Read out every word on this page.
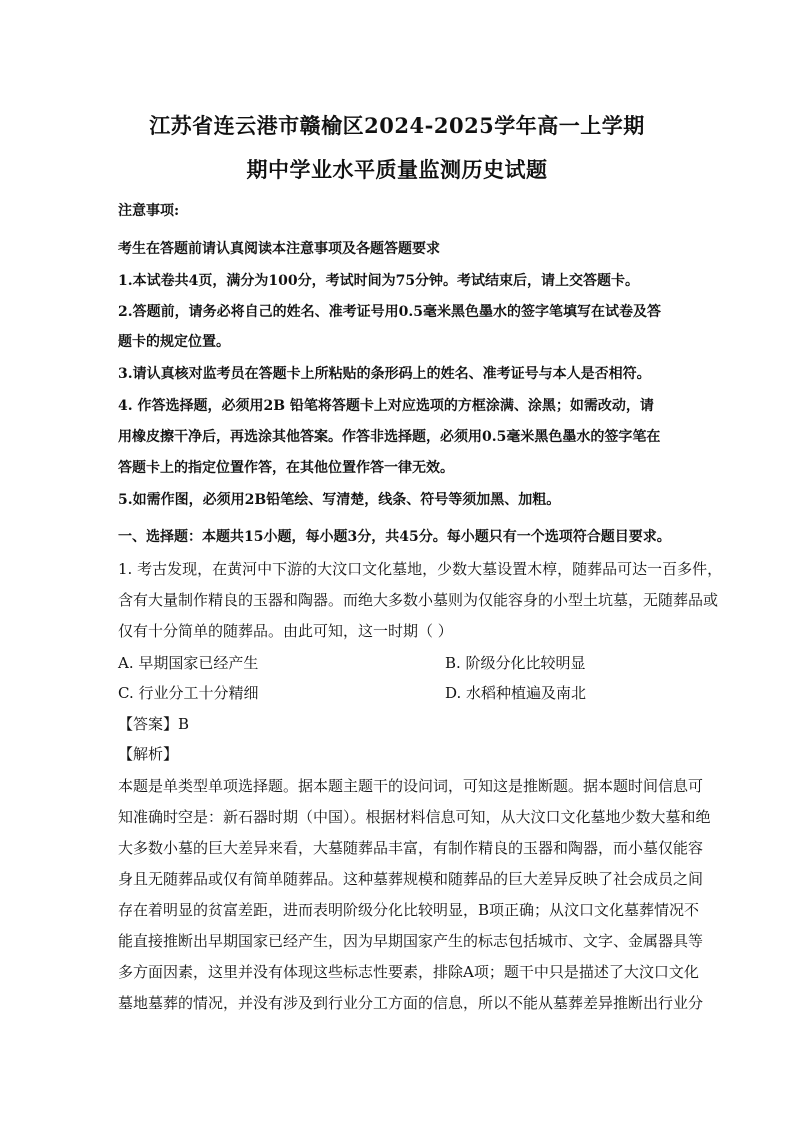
江苏省连云港市赣榆区2024-2025学年高一上学期
期中学业水平质量监测历史试题
注意事项:
考生在答题前请认真阅读本注意事项及各题答题要求
1.本试卷共4页，满分为100分，考试时间为75分钟。考试结束后，请上交答题卡。
2.答题前，请务必将自己的姓名、准考证号用0.5毫米黑色墨水的签字笔填写在试卷及答
题卡的规定位置。
3.请认真核对监考员在答题卡上所粘贴的条形码上的姓名、准考证号与本人是否相符。
4. 作答选择题，必须用2B 铅笔将答题卡上对应选项的方框涂满、涂黑；如需改动，请
用橡皮擦干净后，再选涂其他答案。作答非选择题，必须用0.5毫米黑色墨水的签字笔在
答题卡上的指定位置作答，在其他位置作答一律无效。
5.如需作图，必须用2B铅笔绘、写清楚，线条、符号等须加黑、加粗。
一、选择题：本题共15小题，每小题3分，共45分。每小题只有一个选项符合题目要求。
1. 考古发现，在黄河中下游的大汶口文化墓地，少数大墓设置木椁，随葬品可达一百多件，
含有大量制作精良的玉器和陶器。而绝大多数小墓则为仅能容身的小型土坑墓，无随葬品或
仅有十分简单的随葬品。由此可知，这一时期（ ）
A. 早期国家已经产生	B. 阶级分化比较明显
C. 行业分工十分精细	D. 水稻种植遍及南北
【答案】B
【解析】
本题是单类型单项选择题。据本题主题干的设问词，可知这是推断题。据本题时间信息可
知准确时空是：新石器时期（中国）。根据材料信息可知，从大汶口文化墓地少数大墓和绝
大多数小墓的巨大差异来看，大墓随葬品丰富，有制作精良的玉器和陶器，而小墓仅能容
身且无随葬品或仅有简单随葬品。这种墓葬规模和随葬品的巨大差异反映了社会成员之间
存在着明显的贫富差距，进而表明阶级分化比较明显，B项正确；从汶口文化墓葬情况不
能直接推断出早期国家已经产生，因为早期国家产生的标志包括城市、文字、金属器具等
多方面因素，这里并没有体现这些标志性要素，排除A项；题干中只是描述了大汶口文化
墓地墓葬的情况，并没有涉及到行业分工方面的信息，所以不能从墓葬差异推断出行业分
